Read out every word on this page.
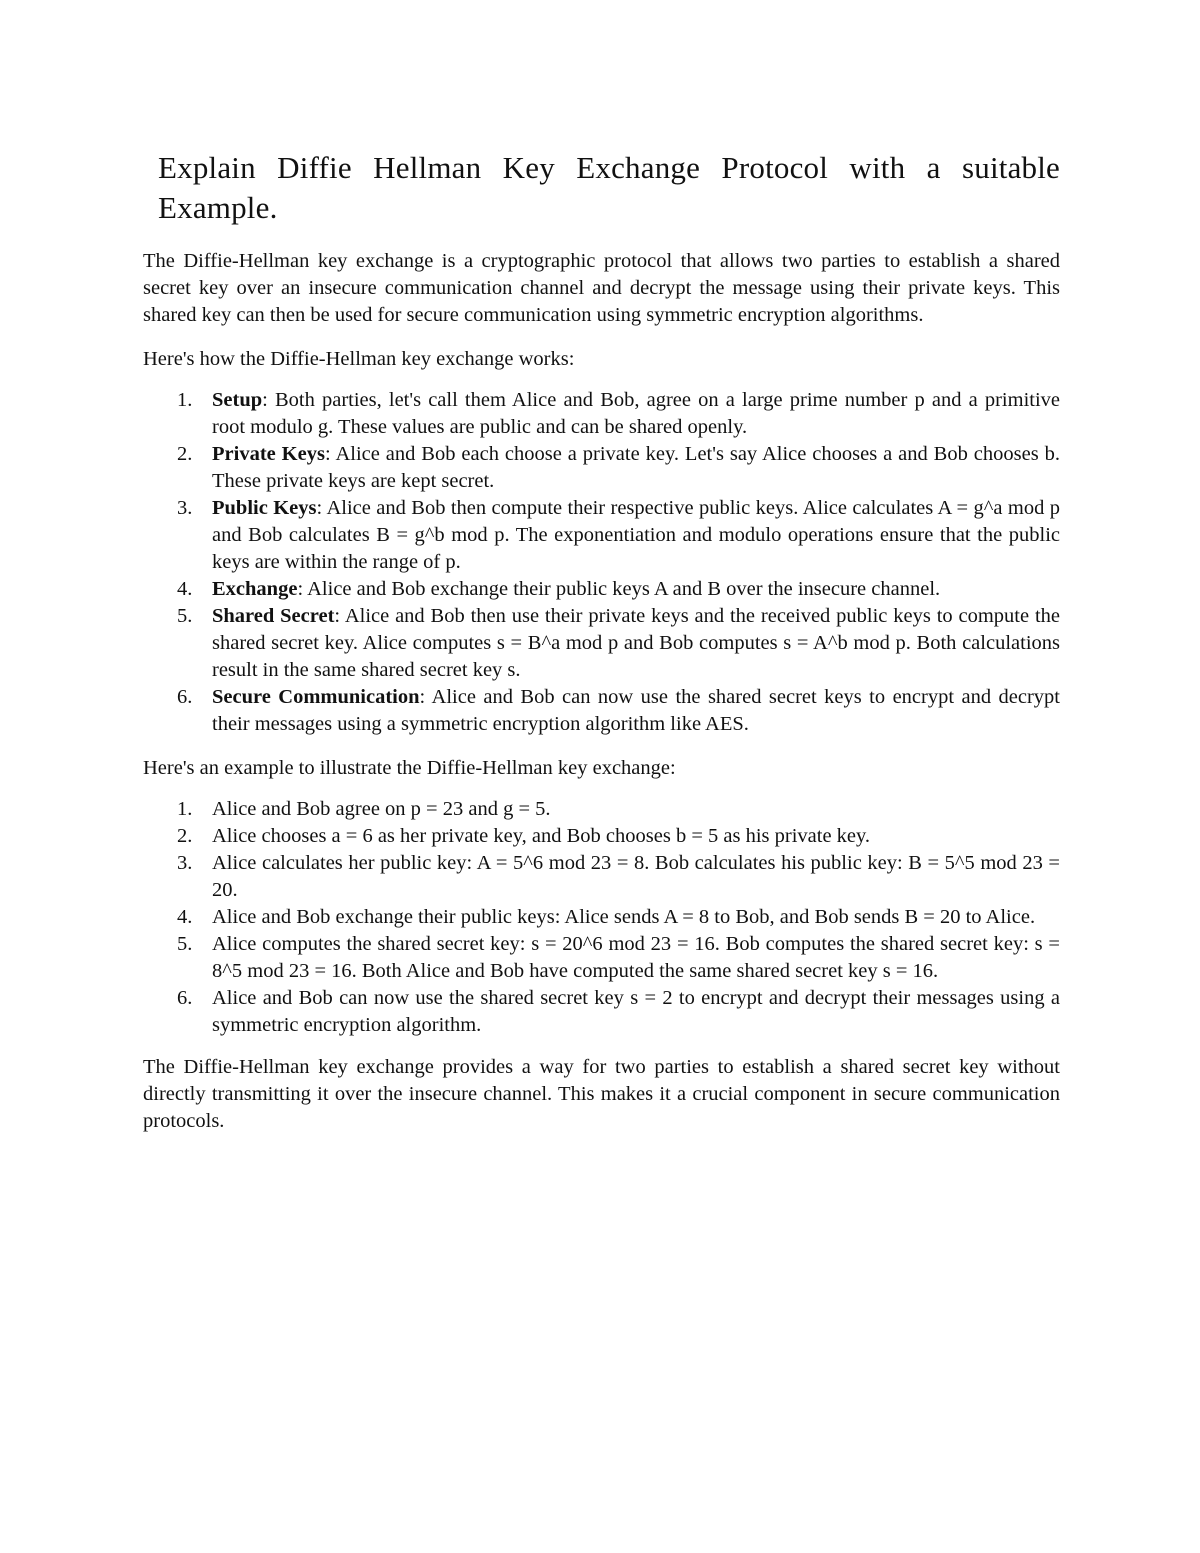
Explain Diffie Hellman Key Exchange Protocol with a suitable Example.

The Diffie-Hellman key exchange is a cryptographic protocol that allows two parties to establish a shared secret key over an insecure communication channel and decrypt the message using their private keys. This shared key can then be used for secure communication using symmetric encryption algorithms.

Here's how the Diffie-Hellman key exchange works:

1. Setup: Both parties, let's call them Alice and Bob, agree on a large prime number p and a primitive root modulo g. These values are public and can be shared openly.
2. Private Keys: Alice and Bob each choose a private key. Let's say Alice chooses a and Bob chooses b. These private keys are kept secret.
3. Public Keys: Alice and Bob then compute their respective public keys. Alice calculates A = g^a mod p and Bob calculates B = g^b mod p. The exponentiation and modulo operations ensure that the public keys are within the range of p.
4. Exchange: Alice and Bob exchange their public keys A and B over the insecure channel.
5. Shared Secret: Alice and Bob then use their private keys and the received public keys to compute the shared secret key. Alice computes s = B^a mod p and Bob computes s = A^b mod p. Both calculations result in the same shared secret key s.
6. Secure Communication: Alice and Bob can now use the shared secret keys to encrypt and decrypt their messages using a symmetric encryption algorithm like AES.

Here's an example to illustrate the Diffie-Hellman key exchange:

1. Alice and Bob agree on p = 23 and g = 5.
2. Alice chooses a = 6 as her private key, and Bob chooses b = 5 as his private key.
3. Alice calculates her public key: A = 5^6 mod 23 = 8. Bob calculates his public key: B = 5^5 mod 23 = 20.
4. Alice and Bob exchange their public keys: Alice sends A = 8 to Bob, and Bob sends B = 20 to Alice.
5. Alice computes the shared secret key: s = 20^6 mod 23 = 16. Bob computes the shared secret key: s = 8^5 mod 23 = 16. Both Alice and Bob have computed the same shared secret key s = 16.
6. Alice and Bob can now use the shared secret key s = 2 to encrypt and decrypt their messages using a symmetric encryption algorithm.

The Diffie-Hellman key exchange provides a way for two parties to establish a shared secret key without directly transmitting it over the insecure channel. This makes it a crucial component in secure communication protocols.
